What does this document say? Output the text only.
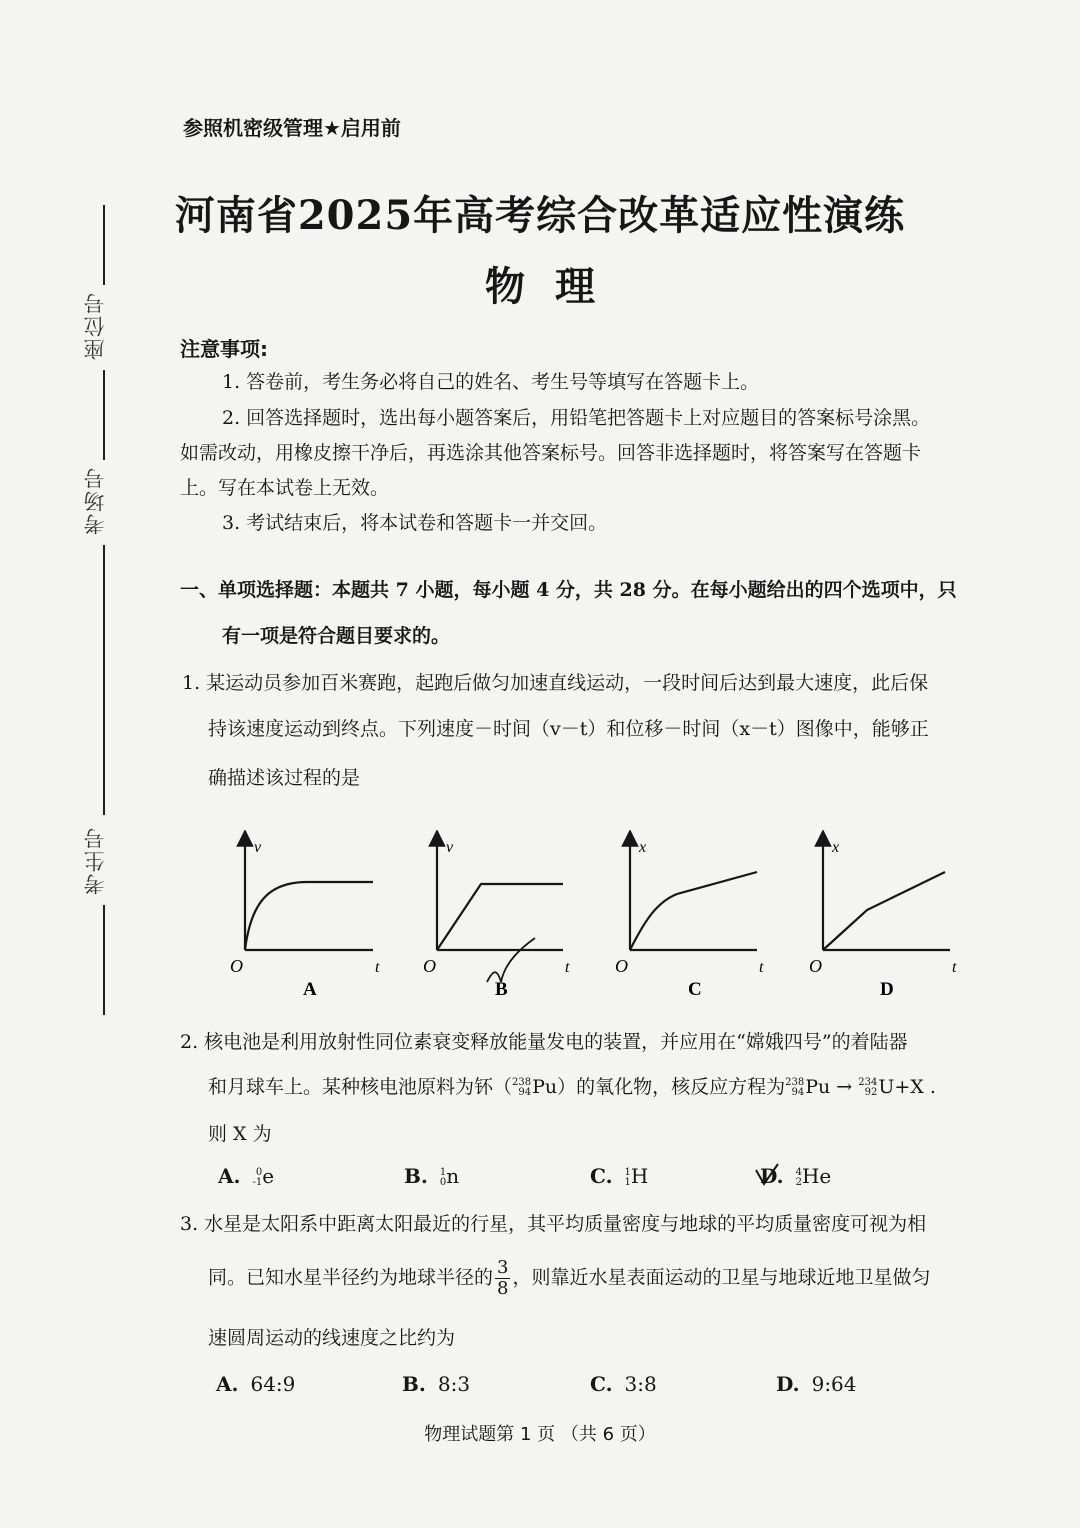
座位号
考场号
考生号
参照机密级管理★启用前
河南省2025年高考综合改革适应性演练
物理
注意事项:
1. 答卷前，考生务必将自己的姓名、考生号等填写在答题卡上。
2. 回答选择题时，选出每小题答案后，用铅笔把答题卡上对应题目的答案标号涂黑。
如需改动，用橡皮擦干净后，再选涂其他答案标号。回答非选择题时，将答案写在答题卡
上。写在本试卷上无效。
3. 考试结束后，将本试卷和答题卡一并交回。
一、单项选择题：本题共 7 小题，每小题 4 分，共 28 分。在每小题给出的四个选项中，只
有一项是符合题目要求的。
1. 某运动员参加百米赛跑，起跑后做匀加速直线运动，一段时间后达到最大速度，此后保
持该速度运动到终点。下列速度－时间（v－t）和位移－时间（x－t）图像中，能够正
确描述该过程的是
v
O	t
A
v
O	t
B
x
O	t
C
x
O	t
D
2. 核电池是利用放射性同位素衰变释放能量发电的装置，并应用在“嫦娥四号”的着陆器
和月球车上。某种核电池原料为钚（ 238
94 Pu）的氧化物，核反应方程为 238
94 Pu → 234
92 U+X .
则 X 为
A.	0
-1 e	B. 1
0 n	C. 1
1 H	D. 4
2 He
3. 水星是太阳系中距离太阳最近的行星，其平均质量密度与地球的平均质量密度可视为相
同。已知水星半径约为地球半径的 $\frac{3}{8}$ ，则靠近水星表面运动的卫星与地球近地卫星做匀
速圆周运动的线速度之比约为
A. 64:9	B. 8:3	C. 3:8	D. 9:64
物理试题第 1 页 （共 6 页）
